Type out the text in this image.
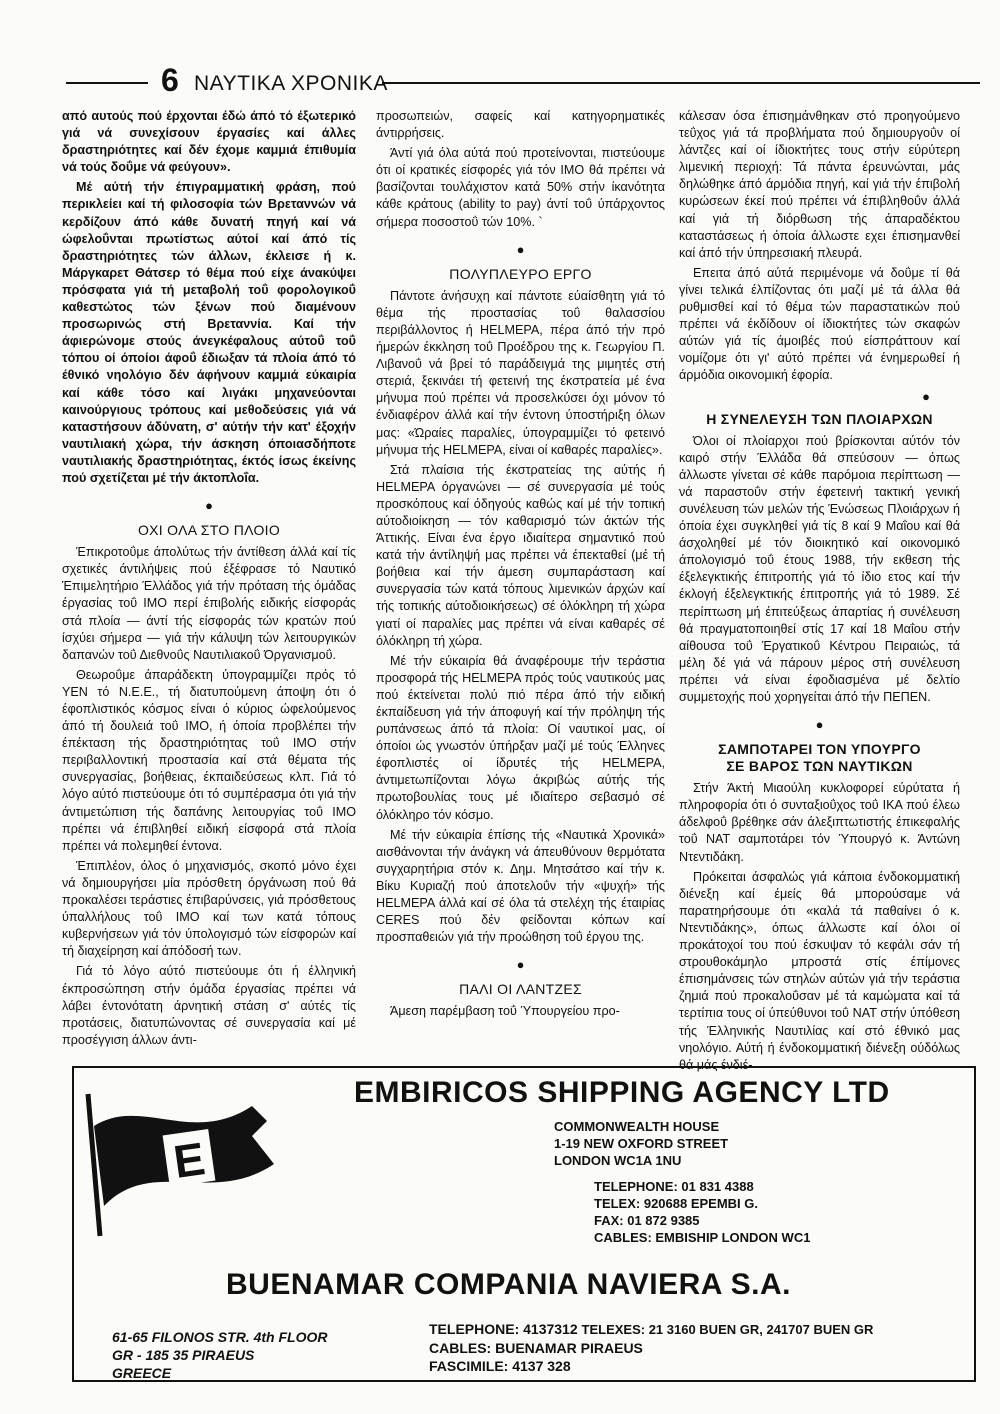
6 ΝΑΥΤΙΚΑ ΧΡΟΝΙΚΑ

από αυτούς πού έρχονται έδώ άπό τό έξωτερικό γιά νά συνεχίσουν έργασίες καί άλλες δραστηριότητες καί δέν έχομε καμμιά έπιθυμία νά τούς δοΰμε νά φεύγουν».

Μέ αύτή τήν έπιγραμματική φράση, πού περικλείει καί τή φιλοσοφία τών Βρεταννών νά κερδίζουν άπό κάθε δυνατή πηγή καί νά ώφελοΰνται πρωτίστως αύτοί καί άπό τίς δραστηριότητες τών άλλων, έκλεισε ή κ. Μάργκαρετ Θάτσερ τό θέμα πού είχε άνακύψει πρόσφατα γιά τή μεταβολή τοΰ φορολογικοΰ καθεστώτος τών ξένων πού διαμένουν προσωρινώς στή Βρεταννία. Καί τήν άφιερώνομε στούς άνεγκέφαλους αύτοΰ τοΰ τόπου οί όποίοι άφοΰ έδιωξαν τά πλοία άπό τό έθνικό νηολόγιο δέν άφήνουν καμμιά εύκαιρία καί κάθε τόσο καί λιγάκι μηχανεύονται καινούργιους τρόπους καί μεθοδεύσεις γιά νά καταστήσουν άδύνατη, σ' αύτήν τήν κατ' έξοχήν ναυτιλιακή χώρα, τήν άσκηση όποιασδήποτε ναυτιλιακής δραστηριότητας, έκτός ίσως έκείνης πού σχετίζεται μέ τήν άκτοπλοΐα.

●
ΟΧΙ ΟΛΑ ΣΤΟ ΠΛΟΙΟ

Έπικροτοΰμε άπολύτως τήν άντίθεση άλλά καί τίς σχετικές άντιλήψεις πού έξέφρασε τό Ναυτικό Έπιμελητήριο Έλλάδος γιά τήν πρόταση τής όμάδας έργασίας τοΰ ΙΜΟ περί έπιβολής ειδικής είσφοράς στά πλοία — άντί τής είσφοράς τών κρατών πού ίσχύει σήμερα — γιά τήν κάλυψη τών λειτουργικών δαπανών τοΰ Διεθνοΰς Ναυτιλιακοΰ Όργανισμοΰ.

Θεωροΰμε άπαράδεκτη ύπογραμμίζει πρός τό ΥΕΝ τό Ν.Ε.Ε., τή διατυπούμενη άποψη ότι ό έφοπλιστικός κόσμος είναι ό κύριος ώφελούμενος άπό τή δουλειά τοΰ ΙΜΟ, ή όποία προβλέπει τήν έπέκταση τής δραστηριότητας τοΰ ΙΜΟ στήν περιβαλλοντική προστασία καί στά θέματα τής συνεργασίας, βοήθειας, έκπαιδεύσεως κλπ. Γιά τό λόγο αύτό πιστεύουμε ότι τό συμπέρασμα ότι γιά τήν άντιμετώπιση τής δαπάνης λειτουργίας τοΰ ΙΜΟ πρέπει νά έπιβληθεί ειδική είσφορά στά πλοία πρέπει νά πολεμηθεί έντονα.

Έπιπλέον, όλος ό μηχανισμός, σκοπό μόνο έχει νά δημιουργήσει μία πρόσθετη όργάνωση πού θά προκαλέσει τεράστιες έπιβαρύνσεις, γιά πρόσθετους ύπαλλήλους τοΰ ΙΜΟ καί των κατά τόπους κυβερνήσεων γιά τόν ύπολογισμό τών είσφορών καί τή διαχείρηση καί άπόδοσή των.

Γιά τό λόγο αύτό πιστεύουμε ότι ή έλληνική έκπροσώπηση στήν όμάδα έργασίας πρέπει νά λάβει έντονότατη άρνητική στάση σ' αύτές τίς προτάσεις, διατυπώνοντας σέ συνεργασία καί μέ προσέγγιση άλλων άντι-

προσωπειών, σαφείς καί κατηγορηματικές άντιρρήσεις.

Άντί γιά όλα αύτά πού προτείνονται, πιστεύουμε ότι οί κρατικές είσφορές γιά τόν ΙΜΟ θά πρέπει νά βασίζονται τουλάχιστον κατά 50% στήν ίκανότητα κάθε κράτους (ability to pay) άντί τοΰ ύπάρχοντος σήμερα ποσοστοΰ τών 10%. `

●
ΠΟΛΥΠΛΕΥΡΟ ΕΡΓΟ

Πάντοτε άνήσυχη καί πάντοτε εύαίσθητη γιά τό θέμα τής προστασίας τοΰ θαλασσίου περιβάλλοντος ή HELMEPA, πέρα άπό τήν πρό ήμερών έκκληση τοΰ Προέδρου της κ. Γεωργίου Π. Λιβανοΰ νά βρεί τό παράδειγμά της μιμητές στή στεριά, ξεκινάει τή φετεινή της έκστρατεία μέ ένα μήνυμα πού πρέπει νά προσελκύσει όχι μόνον τό ένδιαφέρον άλλά καί τήν έντονη ύποστήριξη όλων μας: «Ώραίες παραλίες, ύπογραμμίζει τό φετεινό μήνυμα τής HELMEPA, είναι οί καθαρές παραλίες».

Στά πλαίσια τής έκστρατείας της αύτής ή HELMEPA όργανώνει — σέ συνεργασία μέ τούς προσκόπους καί όδηγούς καθώς καί μέ τήν τοπική αύτοδιοίκηση — τόν καθαρισμό τών άκτών τής Άττικής. Είναι ένα έργο ιδιαίτερα σημαντικό πού κατά τήν άντίληψή μας πρέπει νά έπεκταθεί (μέ τή βοήθεια καί τήν άμεση συμπαράσταση καί συνεργασία τών κατά τόπους λιμενικών άρχών καί τής τοπικής αύτοδιοικήσεως) σέ όλόκληρη τή χώρα γιατί οί παραλίες μας πρέπει νά είναι καθαρές σέ όλόκληρη τή χώρα.

Μέ τήν εύκαιρία θά άναφέρουμε τήν τεράστια προσφορά τής HELMEPA πρός τούς ναυτικούς μας πού έκτείνεται πολύ πιό πέρα άπό τήν ειδική έκπαίδευση γιά τήν άποφυγή καί τήν πρόληψη τής ρυπάνσεως άπό τά πλοία: Οί ναυτικοί μας, οί όποίοι ώς γνωστόν ύπήρξαν μαζί μέ τούς Έλληνες έφοπλιστές οί ίδρυτές τής HELMEPA, άντιμετωπίζονται λόγω άκριβώς αύτής τής πρωτοβουλίας τους μέ ιδιαίτερο σεβασμό σέ όλόκληρο τόν κόσμο.

Μέ τήν εύκαιρία έπίσης τής «Ναυτικά Χρονικά» αισθάνονται τήν άνάγκη νά άπευθύνουν θερμότατα συγχαρητήρια στόν κ. Δημ. Μητσάτσο καί τήν κ. Βίκυ Κυριαζή πού άποτελοΰν τήν «ψυχή» τής HELMEPA άλλά καί σέ όλα τά στελέχη τής έταιρίας CERES πού δέν φείδονται κόπων καί προσπαθειών γιά τήν προώθηση τοΰ έργου της.

●
ΠΑΛΙ ΟΙ ΛΑΝΤΖΕΣ

Άμεση παρέμβαση τοΰ Ύπουργείου προ-

κάλεσαν όσα έπισημάνθηκαν στό προηγούμενο τεΰχος γιά τά προβλήματα πού δημιουργοΰν οί λάντζες καί οί ίδιοκτήτες τους στήν εύρύτερη λιμενική περιοχή: Τά πάντα έρευνώνται, μάς δηλώθηκε άπό άρμόδια πηγή, καί γιά τήν έπιβολή κυρώσεων έκεί πού πρέπει νά έπιβληθοΰν άλλά καί γιά τή διόρθωση τής άπαραδέκτου καταστάσεως ή όποία άλλωστε εχει έπισημανθεί καί άπό τήν ύπηρεσιακή πλευρά.

Επειτα άπό αύτά περιμένομε νά δοΰμε τί θά γίνει τελικά έλπίζοντας ότι μαζί μέ τά άλλα θά ρυθμισθεί καί τό θέμα τών παραστατικών πού πρέπει νά έκδίδουν οί ίδιοκτήτες τών σκαφών αύτών γιά τίς άμοιβές πού είσπράττουν καί νομίζομε ότι γι' αύτό πρέπει νά ένημερωθεί ή άρμόδια οικονομική έφορία.

●
Η ΣΥΝΕΛΕΥΣΗ ΤΩΝ ΠΛΟΙΑΡΧΩΝ

Όλοι οί πλοίαρχοι πού βρίσκονται αύτόν τόν καιρό στήν Έλλάδα θά σπεύσουν — όπως άλλωστε γίνεται σέ κάθε παρόμοια περίπτωση — νά παραστοΰν στήν έφετεινή τακτική γενική συνέλευση τών μελών τής Ένώσεως Πλοιάρχων ή όποία έχει συγκληθεί γιά τίς 8 καί 9 Μαΐου καί θά άσχοληθεί μέ τόν διοικητικό καί οικονομικό άπολογισμό τοΰ έτους 1988, τήν εκθεση τής έξελεγκτικής έπιτροπής γιά τό ίδιο ετος καί τήν έκλογή έξελεγκτικής έπιτροπής γιά τό 1989. Σέ περίπτωση μή έπιτεύξεως άπαρτίας ή συνέλευση θά πραγματοποιηθεί στίς 17 καί 18 Μαΐου στήν αίθουσα τοΰ Έργατικοΰ Κέντρου Πειραιώς, τά μέλη δέ γιά νά πάρουν μέρος στή συνέλευση πρέπει νά είναι έφοδιασμένα μέ δελτίο συμμετοχής πού χορηγείται άπό τήν ΠΕΠΕΝ.

●
ΣΑΜΠΟΤΑΡΕΙ ΤΟΝ ΥΠΟΥΡΓΟ
ΣΕ ΒΑΡΟΣ ΤΩΝ ΝΑΥΤΙΚΩΝ

Στήν Άκτή Μιαούλη κυκλοφορεί εύρύτατα ή πληροφορία ότι ό συνταξιοΰχος τοΰ ΙΚΑ πού έλεω άδελφοΰ βρέθηκε σάν άλεξιπτωτιστής έπικεφαλής τοΰ ΝΑΤ σαμποτάρει τόν Ύπουργό κ. Άντώνη Ντεντιδάκη.

Πρόκειται άσφαλώς γιά κάποια ένδοκομματική διένεξη καί έμείς θά μπορούσαμε νά παρατηρήσουμε ότι «καλά τά παθαίνει ό κ. Ντεντιδάκης», όπως άλλωστε καί όλοι οί προκάτοχοί του πού έσκυψαν τό κεφάλι σάν τή στρουθοκάμηλο μπροστά στίς έπίμονες έπισημάνσεις τών στηλών αύτών γιά τήν τεράστια ζημιά πού προκαλοΰσαν μέ τά καμώματα καί τά τερτίπια τους οί ύπεύθυνοι τοΰ ΝΑΤ στήν ύπόθεση τής Έλληνικής Ναυτιλίας καί στό έθνικό μας νηολόγιο. Αύτή ή ένδοκομματική διένεξη ούδόλως θά μάς ένδιέ-

E
EMBIRICOS SHIPPING AGENCY LTD
COMMONWEALTH HOUSE
1-19 NEW OXFORD STREET
LONDON WC1A 1NU
TELEPHONE: 01 831 4388
TELEX: 920688 EPEMBI G.
FAX: 01 872 9385
CABLES: EMBISHIP LONDON WC1
BUENAMAR COMPANIA NAVIERA S.A.
61-65 FILONOS STR. 4th FLOOR
GR - 185 35 PIRAEUS
GREECE
TELEPHONE: 4137312 TELEXES: 21 3160 BUEN GR, 241707 BUEN GR
CABLES: BUENAMAR PIRAEUS
FASCIMILE: 4137 328
